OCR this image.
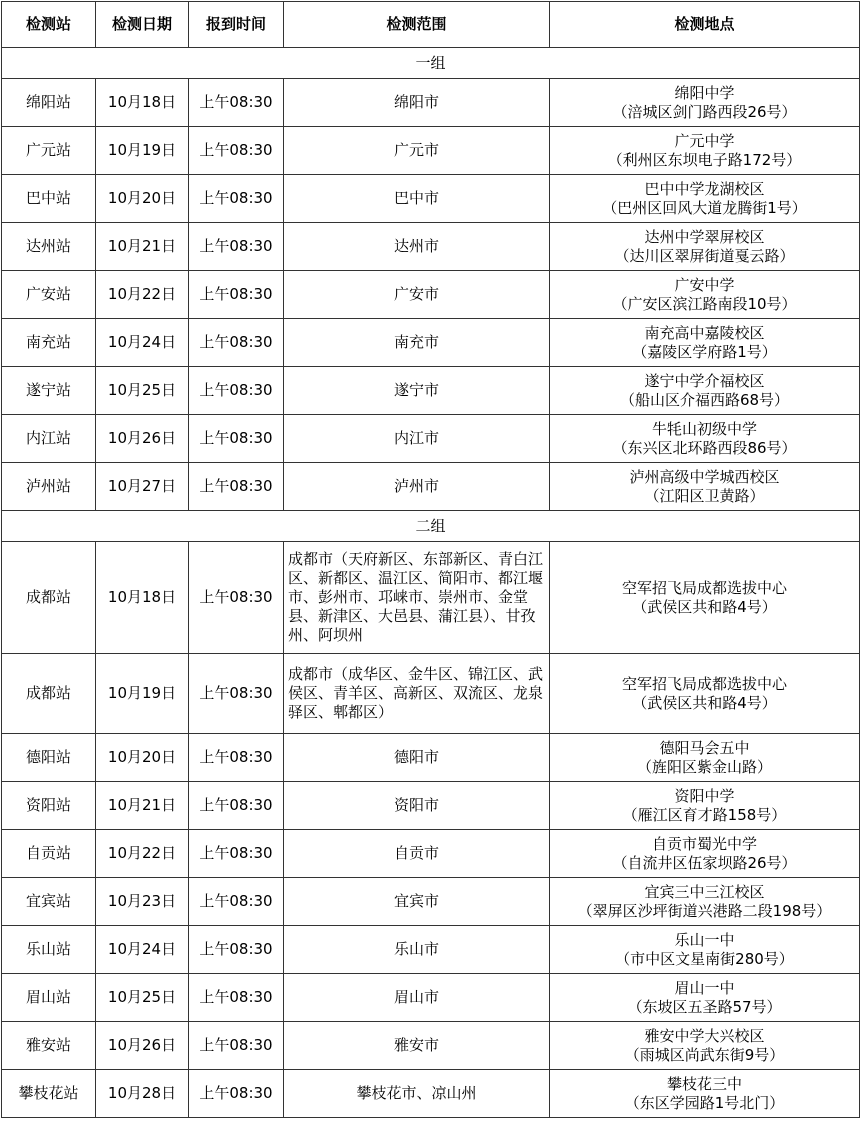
检测站	检测日期	报到时间	检测范围	检测地点
一组				
绵阳站	10月18日	上午08:30	绵阳市	绵阳中学
（涪城区剑门路西段26号）

广元站	10月19日	上午08:30	广元市	广元中学
（利州区东坝电子路172号）

巴中站	10月20日	上午08:30	巴中市	巴中中学龙湖校区
（巴州区回风大道龙腾街1号）

达州站	10月21日	上午08:30	达州市	达州中学翠屏校区
（达川区翠屏街道戛云路）

广安站	10月22日	上午08:30	广安市	广安中学
（广安区滨江路南段10号）

南充站	10月24日	上午08:30	南充市	南充高中嘉陵校区
（嘉陵区学府路1号）

遂宁站	10月25日	上午08:30	遂宁市	遂宁中学介福校区
（船山区介福西路68号）

内江站	10月26日	上午08:30	内江市	牛牦山初级中学
（东兴区北环路西段86号）

泸州站	10月27日	上午08:30	泸州市	泸州高级中学城西校区
（江阳区卫黄路）

二组				
成都站	10月18日	上午08:30	成都市（天府新区、东部新区、青白江区、新都区、温江区、简阳市、都江堰市、彭州市、邛崃市、崇州市、金堂县、新津区、大邑县、蒲江县）、甘孜州、阿坝州	空军招飞局成都选拔中心
（武侯区共和路4号）

成都站	10月19日	上午08:30	成都市（成华区、金牛区、锦江区、武侯区、青羊区、高新区、双流区、龙泉驿区、郫都区）	空军招飞局成都选拔中心
（武侯区共和路4号）

德阳站	10月20日	上午08:30	德阳市	德阳马会五中
（旌阳区紫金山路）

资阳站	10月21日	上午08:30	资阳市	资阳中学
（雁江区育才路158号）

自贡站	10月22日	上午08:30	自贡市	自贡市蜀光中学
（自流井区伍家坝路26号）

宜宾站	10月23日	上午08:30	宜宾市	宜宾三中三江校区
（翠屏区沙坪街道兴港路二段198号）

乐山站	10月24日	上午08:30	乐山市	乐山一中
（市中区文星南街280号）

眉山站	10月25日	上午08:30	眉山市	眉山一中
（东坡区五圣路57号）

雅安站	10月26日	上午08:30	雅安市	雅安中学大兴校区
（雨城区尚武东街9号）

攀枝花站	10月28日	上午08:30	攀枝花市、凉山州	攀枝花三中
（东区学园路1号北门）
